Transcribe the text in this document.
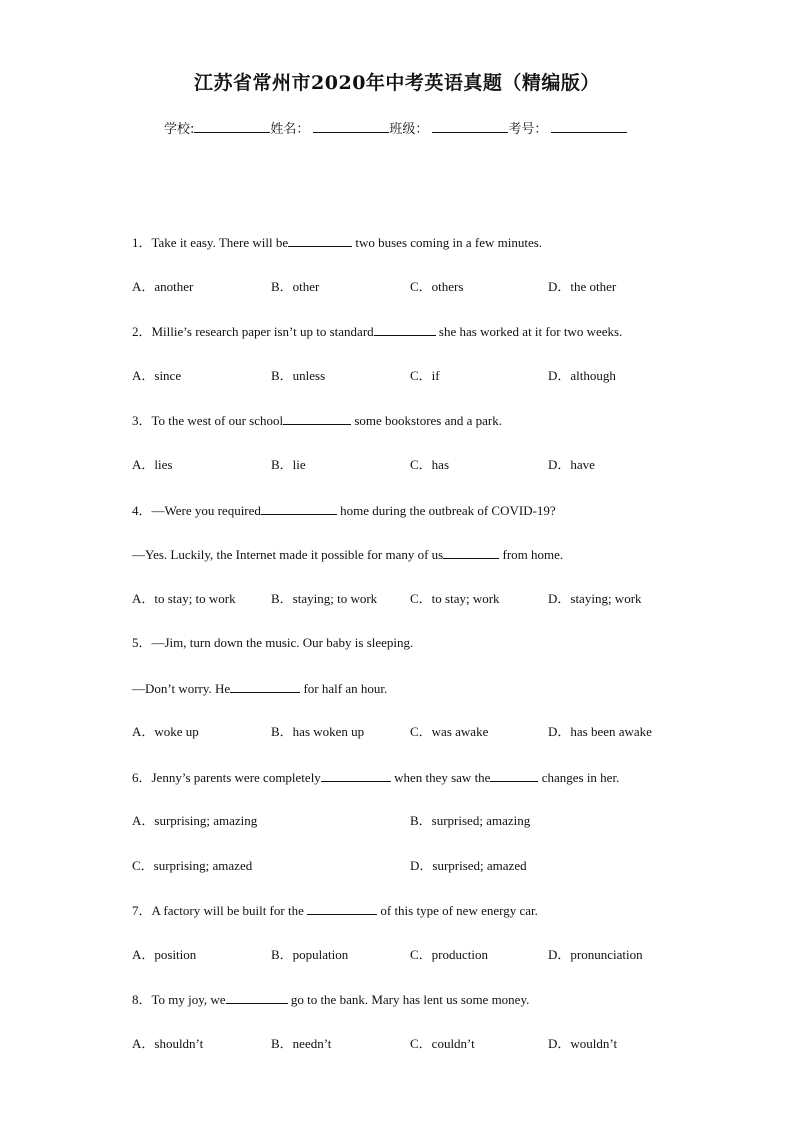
江苏省常州市2020年中考英语真题（精编版）
学校:	姓名：	班级：	考号：
1．Take it easy. There will be	two buses coming in a few minutes.
A．another	B．other	C．others	D．the other
2．Millie’s research paper isn’t up to standard	she has worked at it for two weeks.
A．since	B．unless	C．if	D．although
3．To the west of our school	some bookstores and a park.
A．lies	B．lie	C．has	D．have
4．—Were you required	home during the outbreak of COVID-19?
—Yes. Luckily, the Internet made it possible for many of us	from home.
A．to stay; to work	B．staying; to work	C．to stay; work	D．staying; work
5．—Jim, turn down the music. Our baby is sleeping.
—Don’t worry. He	for half an hour.
A．woke up	B．has woken up	C．was awake	D．has been awake
6．Jenny’s parents were completely	when they saw the	changes in her.
A．surprising; amazing	B．surprised; amazing
C．surprising; amazed	D．surprised; amazed
7．A factory will be built for the	of this type of new energy car.
A．position	B．population	C．production	D．pronunciation
8．To my joy, we	go to the bank. Mary has lent us some money.
A．shouldn’t	B．needn’t	C．couldn’t	D．wouldn’t
